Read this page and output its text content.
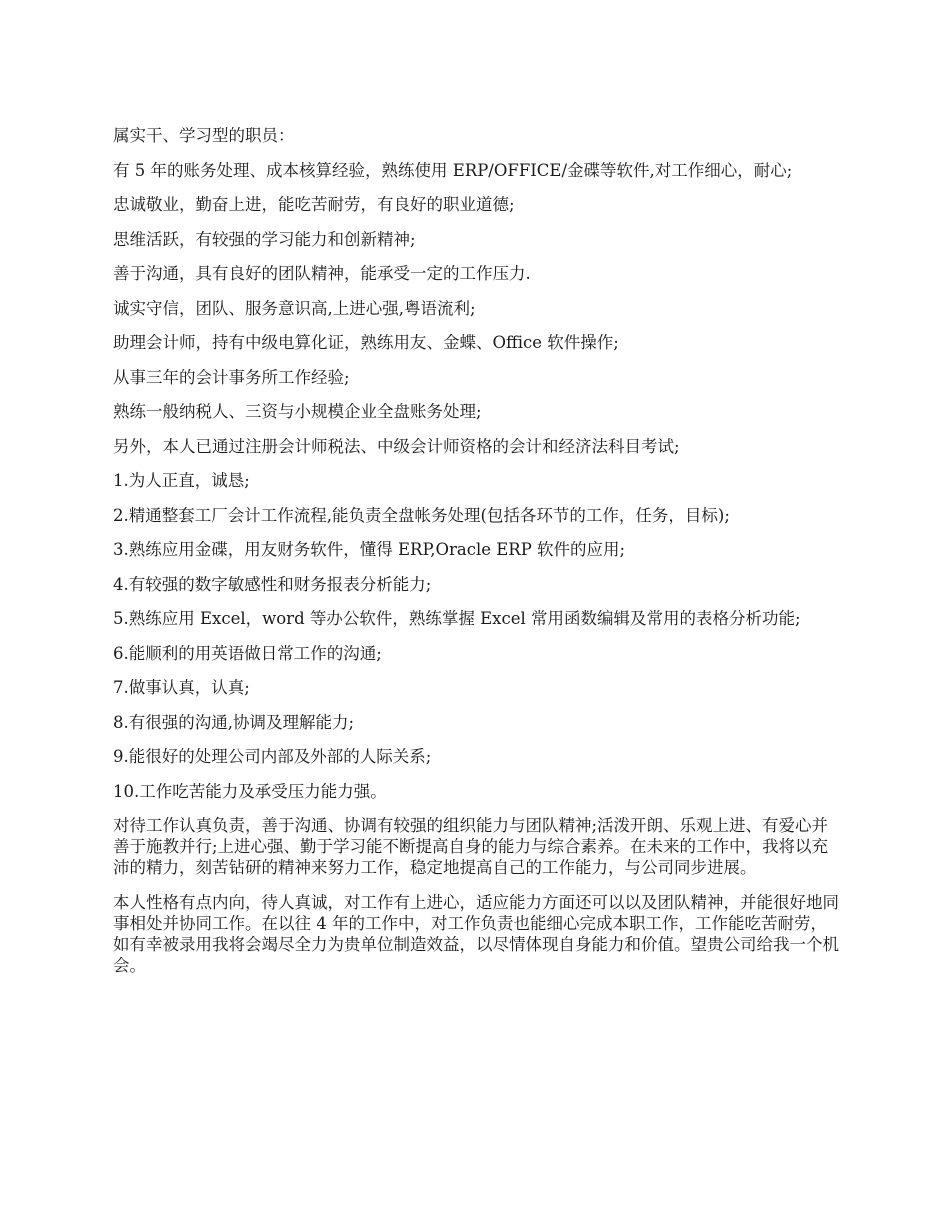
属实干、学习型的职员：

有 5 年的账务处理、成本核算经验，熟练使用 ERP/OFFICE/金碟等软件,对工作细心，耐心;

忠诚敬业，勤奋上进，能吃苦耐劳，有良好的职业道德;

思维活跃，有较强的学习能力和创新精神;

善于沟通，具有良好的团队精神，能承受一定的工作压力.

诚实守信，团队、服务意识高,上进心强,粤语流利;

助理会计师，持有中级电算化证，熟练用友、金蝶、Office 软件操作;

从事三年的会计事务所工作经验;

熟练一般纳税人、三资与小规模企业全盘账务处理;

另外，本人已通过注册会计师税法、中级会计师资格的会计和经济法科目考试;

1.为人正直，诚恳;

2.精通整套工厂会计工作流程,能负责全盘帐务处理(包括各环节的工作，任务，目标);

3.熟练应用金碟，用友财务软件，懂得 ERP,Oracle ERP 软件的应用;

4.有较强的数字敏感性和财务报表分析能力;

5.熟练应用 Excel，word 等办公软件，熟练掌握 Excel 常用函数编辑及常用的表格分析功能;

6.能顺利的用英语做日常工作的沟通;

7.做事认真，认真;

8.有很强的沟通,协调及理解能力;

9.能很好的处理公司内部及外部的人际关系;

10.工作吃苦能力及承受压力能力强。

对待工作认真负责，善于沟通、协调有较强的组织能力与团队精神;活泼开朗、乐观上进、有爱心并善于施教并行;上进心强、勤于学习能不断提高自身的能力与综合素养。在未来的工作中，我将以充沛的精力，刻苦钻研的精神来努力工作，稳定地提高自己的工作能力，与公司同步进展。

本人性格有点内向，待人真诚，对工作有上进心，适应能力方面还可以以及团队精神，并能很好地同事相处并协同工作。在以往 4 年的工作中，对工作负责也能细心完成本职工作，工作能吃苦耐劳，如有幸被录用我将会竭尽全力为贵单位制造效益，以尽情体现自身能力和价值。望贵公司给我一个机会。
